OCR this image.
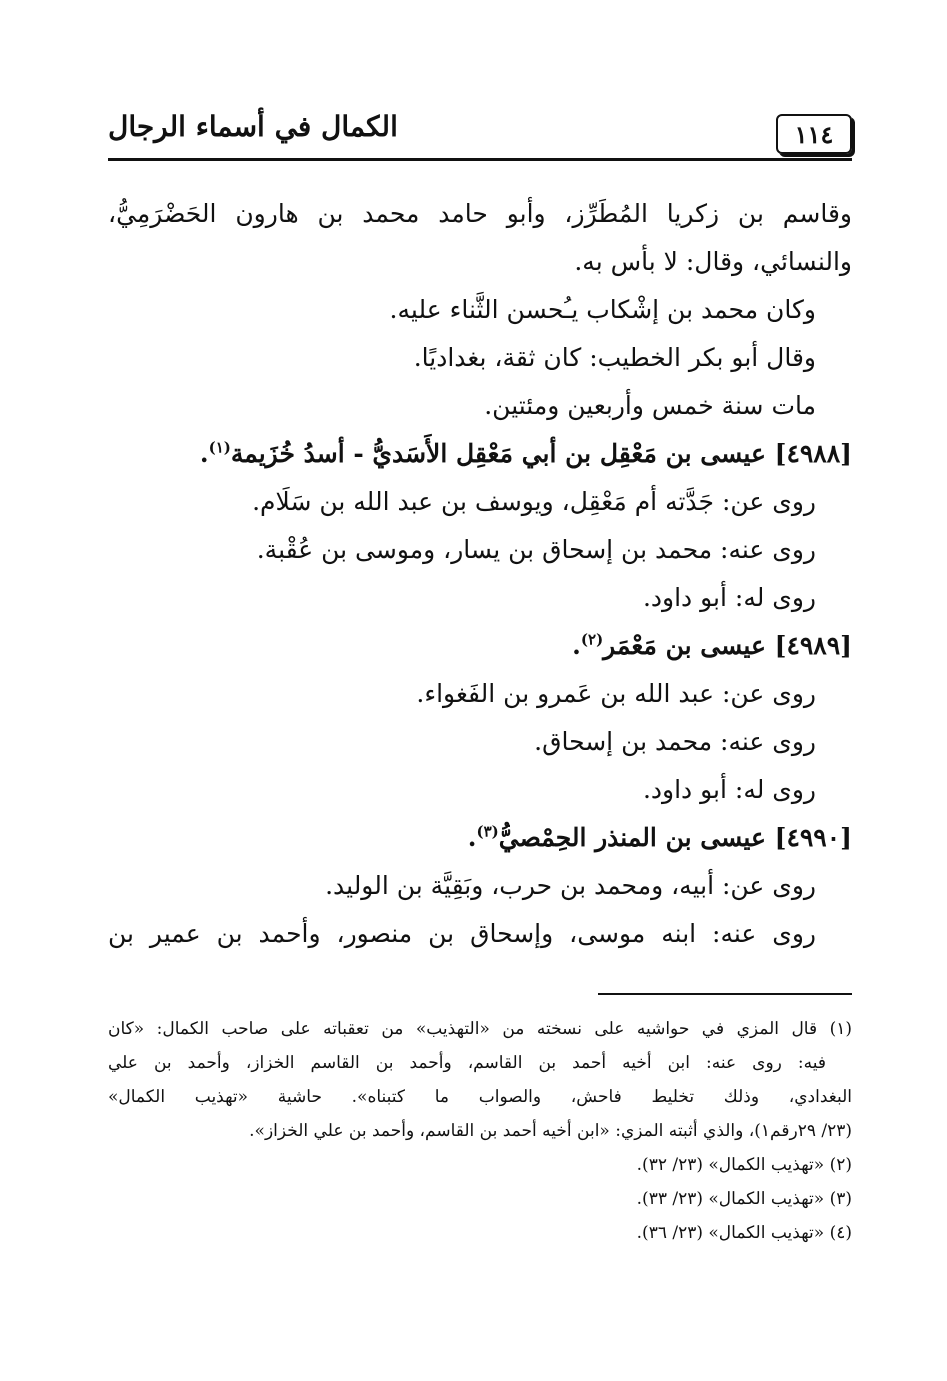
١١٤
الكمال في أسماء الرجال
وقاسم بن زكريا المُطَرِّز، وأبو حامد محمد بن هارون الحَضْرَمِيُّ،
والنسائي، وقال: لا بأس به.
وكان محمد بن إشْكاب يـُحسن الثَّناء عليه.
وقال أبو بكر الخطيب: كان ثقة، بغداديًا.
مات سنة خمس وأربعين ومئتين.
[٤٩٨٨] عيسى بن مَعْقِل بن أبي مَعْقِل الأَسَديُّ - أسدُ خُزَيمة$^{(١)}$.
روى عن: جَدَّته أم مَعْقِل، ويوسف بن عبد الله بن سَلَام.
روى عنه: محمد بن إسحاق بن يسار، وموسى بن عُقْبة.
روى له: أبو داود.
[٤٩٨٩] عيسى بن مَعْمَر$^{(٢)}$.
روى عن: عبد الله بن عَمرو بن الفَغواء.
روى عنه: محمد بن إسحاق.
روى له: أبو داود.
[٤٩٩٠] عيسى بن المنذر الحِمْصيُّ$^{(٣)}$.
روى عن: أبيه، ومحمد بن حرب، وبَقِيَّة بن الوليد.
روى عنه: ابنه موسى، وإسحاق بن منصور، وأحمد بن عمير بن
(١) قال المزي في حواشيه على نسخته من «التهذيب» من تعقباته على صاحب الكمال: «كان
فيه: روى عنه: ابن أخيه أحمد بن القاسم، وأحمد بن القاسم الخزاز، وأحمد بن علي
البغدادي، وذلك تخليط فاحش، والصواب ما كتبناه». حاشية «تهذيب الكمال»
(٢٣/ ٢٩رقم١)، والذي أثبته المزي: «ابن أخيه أحمد بن القاسم، وأحمد بن علي الخزاز».
(٢) «تهذيب الكمال» (٢٣/ ٣٢).
(٣) «تهذيب الكمال» (٢٣/ ٣٣).
(٤) «تهذيب الكمال» (٢٣/ ٣٦).
